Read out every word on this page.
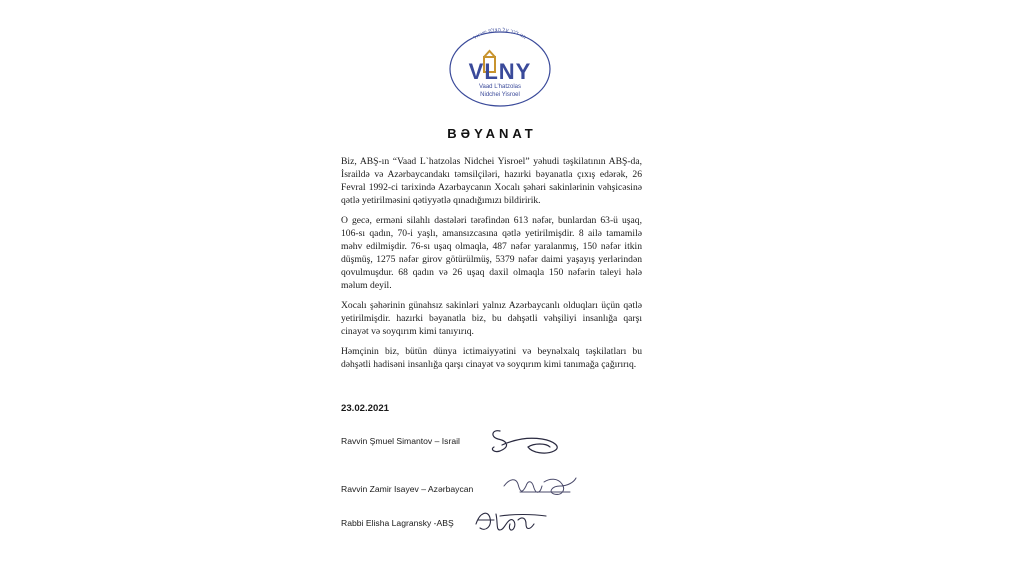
תנו לבך על הצלת ישראל
VLNY
Vaad L'hatzolas
Nidchei Yisroel
BƏYANAT

Biz, ABŞ-ın “Vaad L`hatzolas Nidchei Yisroel” yəhudi təşkilatının ABŞ-da, İsraildə və Azərbaycandakı təmsilçiləri, hazırki bəyanatla çıxış edərək, 26 Fevral 1992-ci tarixində Azərbaycanın Xocalı şəhəri sakinlərinin vəhşicəsinə qətlə yetirilməsini qətiyyətlə qınadığımızı bildiririk.

O gecə, erməni silahlı dəstələri tərəfindən 613 nəfər, bunlardan 63-ü uşaq, 106-sı qadın, 70-i yaşlı, amansızcasına qətlə yetirilmişdir. 8 ailə tamamilə məhv edilmişdir. 76-sı uşaq olmaqla, 487 nəfər yaralanmış, 150 nəfər itkin düşmüş, 1275 nəfər girov götürülmüş, 5379 nəfər daimi yaşayış yerlərindən qovulmuşdur. 68 qadın və 26 uşaq daxil olmaqla 150 nəfərin taleyi hələ məlum deyil.

Xocalı şəhərinin günahsız sakinləri yalnız Azərbaycanlı olduqları üçün qətlə yetirilmişdir. hazırki bəyanatla biz, bu dəhşətli vəhşiliyi insanlığa qarşı cinayət və soyqırım kimi tanıyırıq.

Həmçinin biz, bütün dünya ictimaiyyətini və beynəlxalq təşkilatları bu dəhşətli hadisəni insanlığa qarşı cinayət və soyqırım kimi tanımağa çağırırıq.

23.02.2021
Ravvin Şmuel Simantov – Israil
Ravvin Zamir Isayev – Azərbaycan
Rabbi Elisha Lagransky -ABŞ
